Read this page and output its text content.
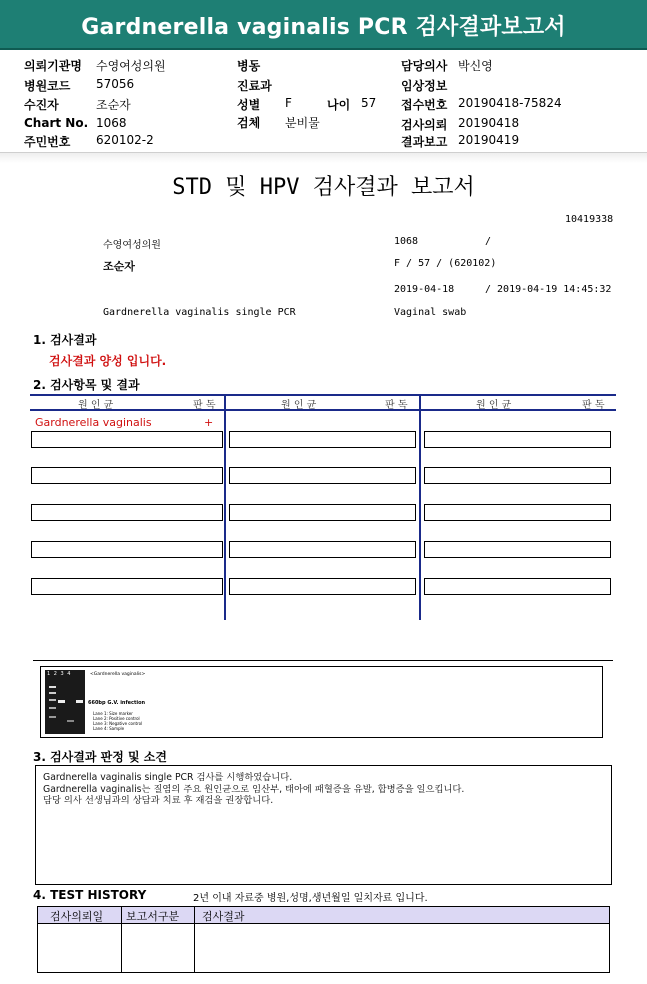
Gardnerella vaginalis PCR 검사결과보고서
의뢰기관명 수영여성의원
병원코드 57056
수진자	조순자
Chart No. 1068
주민번호 620102-2
병동
진료과
성별 F	나이 57
검체 분비물
담당의사 박신영
임상정보
접수번호 20190418-75824
검사의뢰 20190418
결과보고 20190419
STD 및 HPV 검사결과 보고서
10419338
수영여성의원	1068	/
조순자	F / 57 / (620102)
2019-04-18	/ 2019-04-19 14:45:32
Gardnerella vaginalis single PCR	Vaginal swab
1. 검사결과
검사결과 양성 입니다.
2. 검사항목 및 결과
원 인 균	판 독	원 인 균	판 독	원 인 균	판 독
Gardnerella vaginalis	+
1 2 3 4	<Gardnerella vaginalis>
660bp G.V. infection
Lane 1: Size marker
Lane 2: Positive control
Lane 3: Negative control
Lane 4: Sample
3. 검사결과 판정 및 소견
Gardnerella vaginalis single PCR 검사를 시행하였습니다.
Gardnerella vaginalis는 질염의 주요 원인균으로 임산부, 태아에 패혈증을 유발, 합병증을 일으킵니다.
담당 의사 선생님과의 상담과 치료 후 재검을 권장합니다.
4. TEST HISTORY	2년 이내 자료중 병원,성명,생년월일 일치자료 입니다.
검사의뢰일 보고서구분 검사결과
